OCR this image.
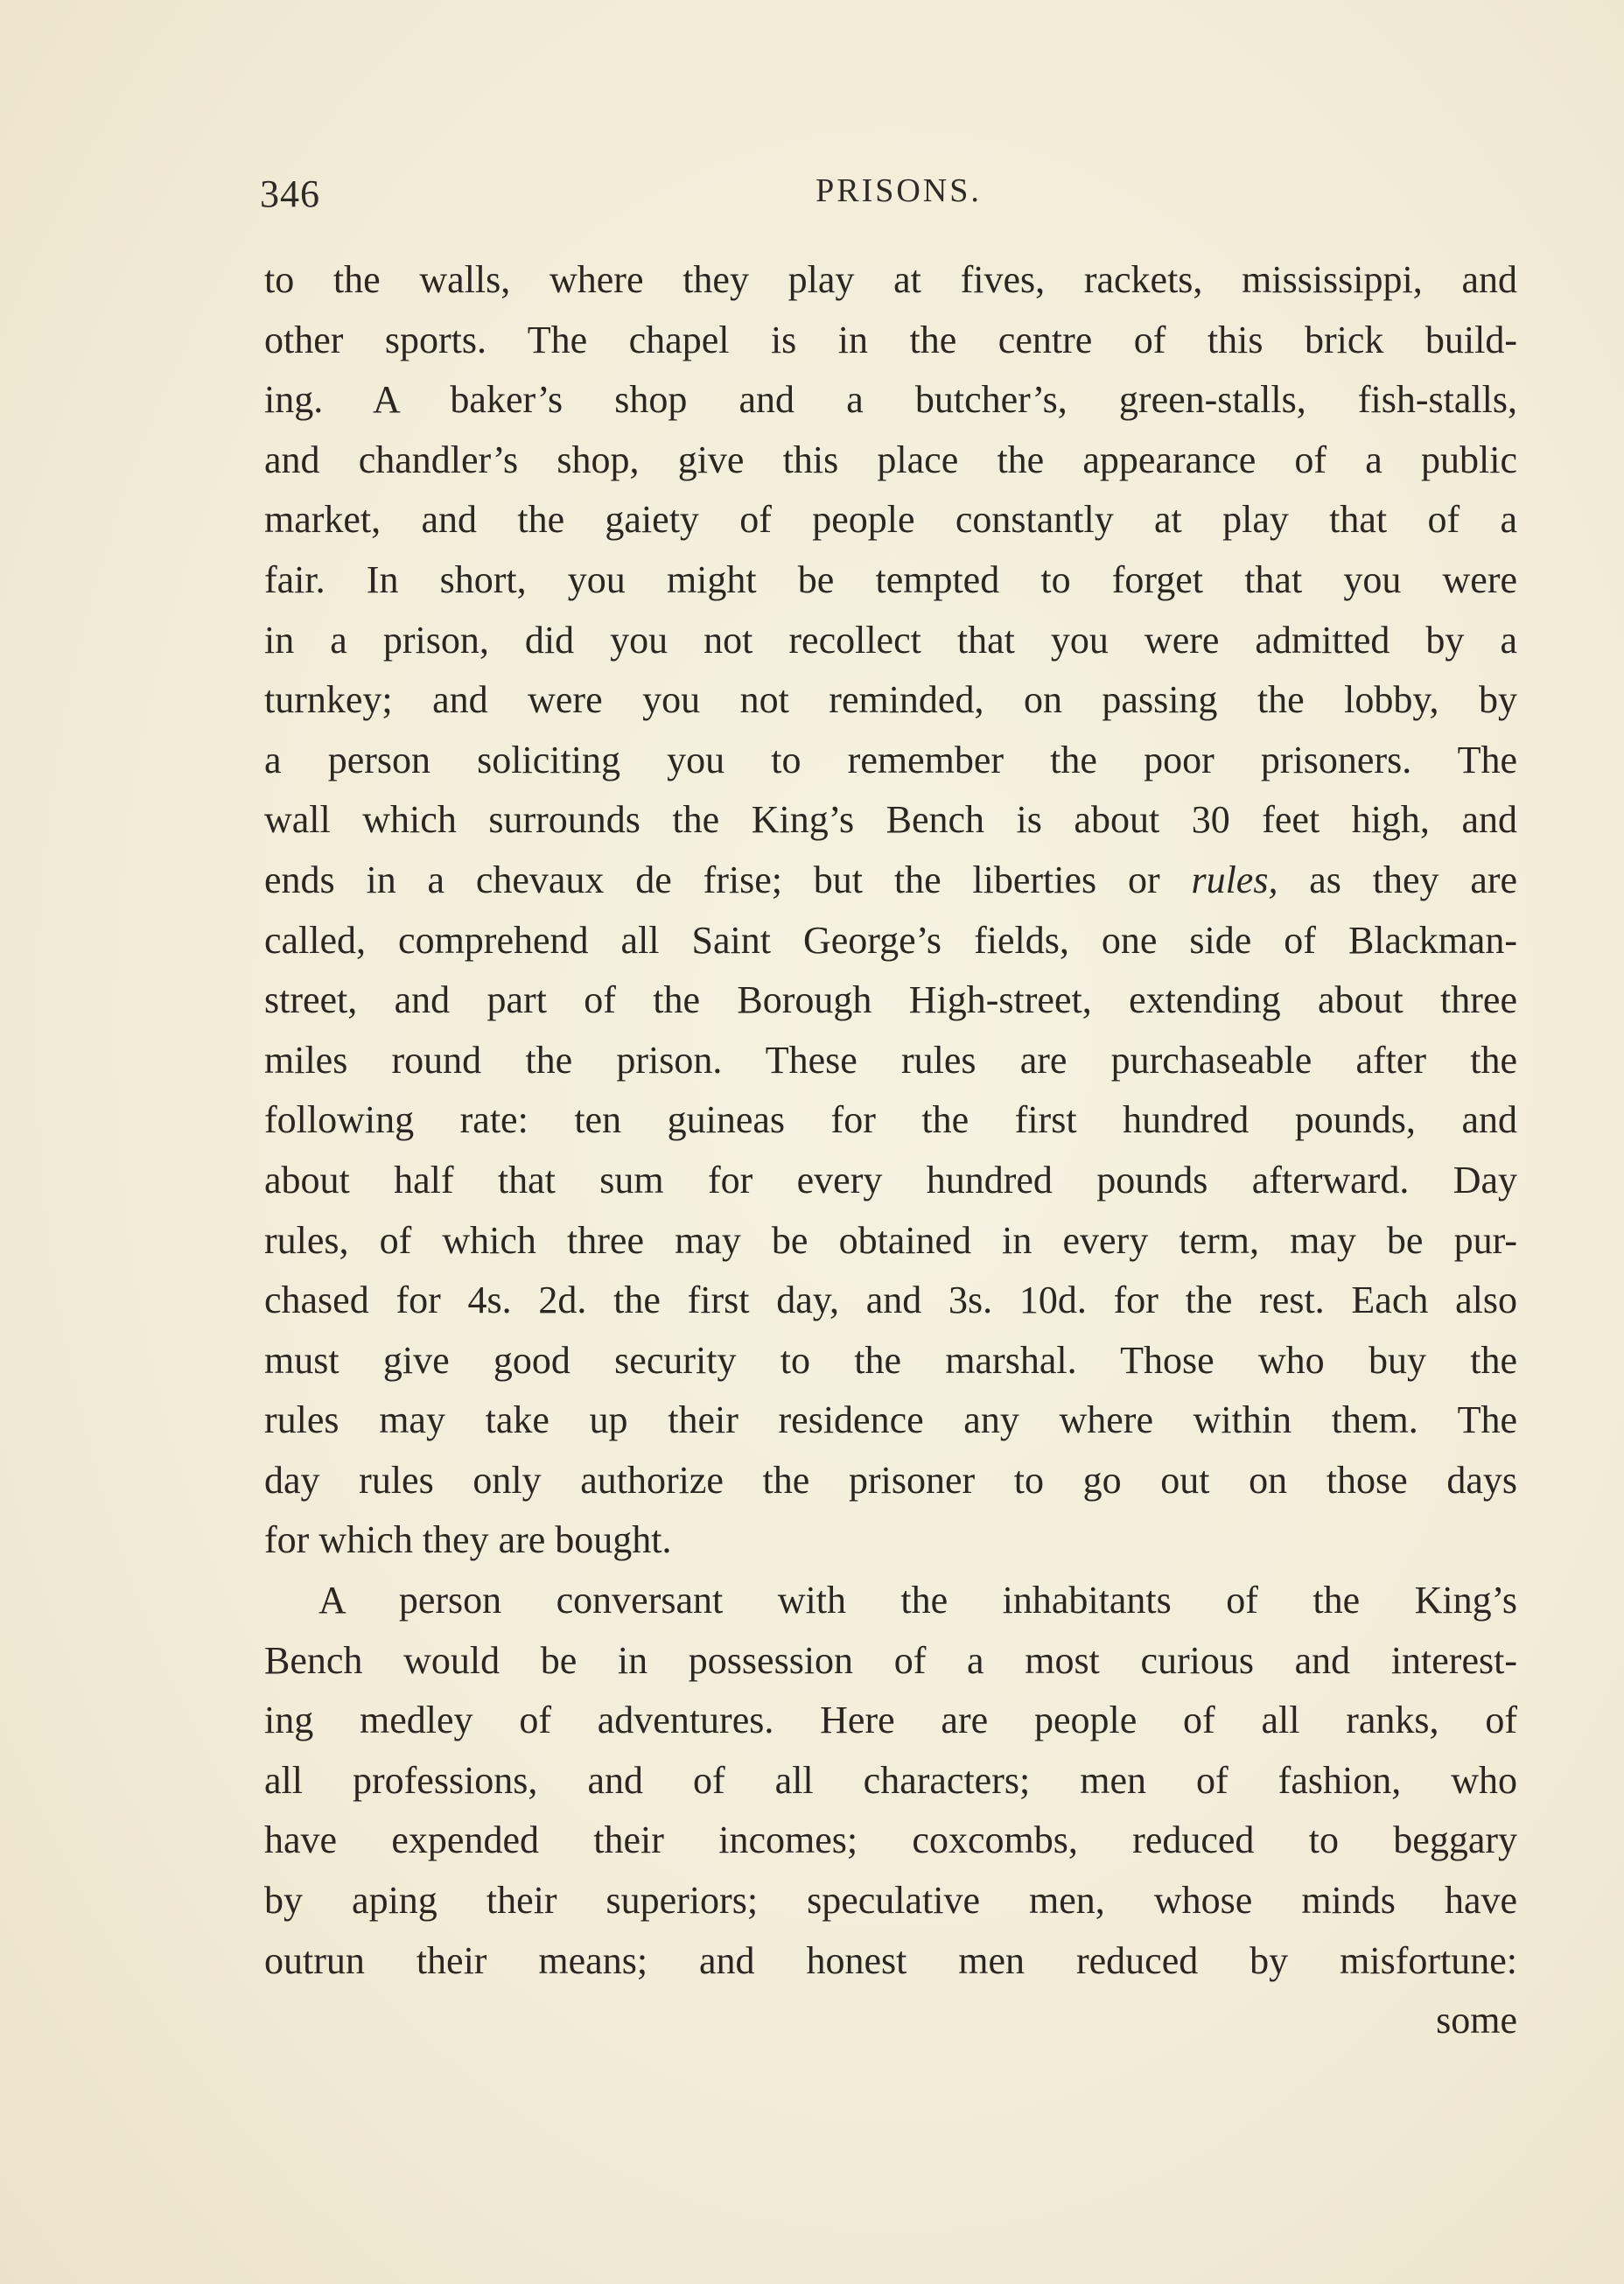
346	PRISONS.
to the walls, where they play at fives, rackets, mississippi, and
other sports. The chapel is in the centre of this brick build-
ing. A baker’s shop and a butcher’s, green-stalls, fish-stalls,
and chandler’s shop, give this place the appearance of a public
market, and the gaiety of people constantly at play that of a
fair. In short, you might be tempted to forget that you were
in a prison, did you not recollect that you were admitted by a
turnkey; and were you not reminded, on passing the lobby, by
a person soliciting you to remember the poor prisoners. The
wall which surrounds the King’s Bench is about 30 feet high, and
ends in a chevaux de frise; but the liberties or rules, as they are
called, comprehend all Saint George’s fields, one side of Blackman-
street, and part of the Borough High-street, extending about three
miles round the prison. These rules are purchaseable after the
following rate: ten guineas for the first hundred pounds, and
about half that sum for every hundred pounds afterward. Day
rules, of which three may be obtained in every term, may be pur-
chased for 4s. 2d. the first day, and 3s. 10d. for the rest. Each also
must give good security to the marshal. Those who buy the
rules may take up their residence any where within them. The
day rules only authorize the prisoner to go out on those days
for which they are bought.
A person conversant with the inhabitants of the King’s
Bench would be in possession of a most curious and interest-
ing medley of adventures. Here are people of all ranks, of
all professions, and of all characters; men of fashion, who
have expended their incomes; coxcombs, reduced to beggary
by aping their superiors; speculative men, whose minds have
outrun their means; and honest men reduced by misfortune:
some
